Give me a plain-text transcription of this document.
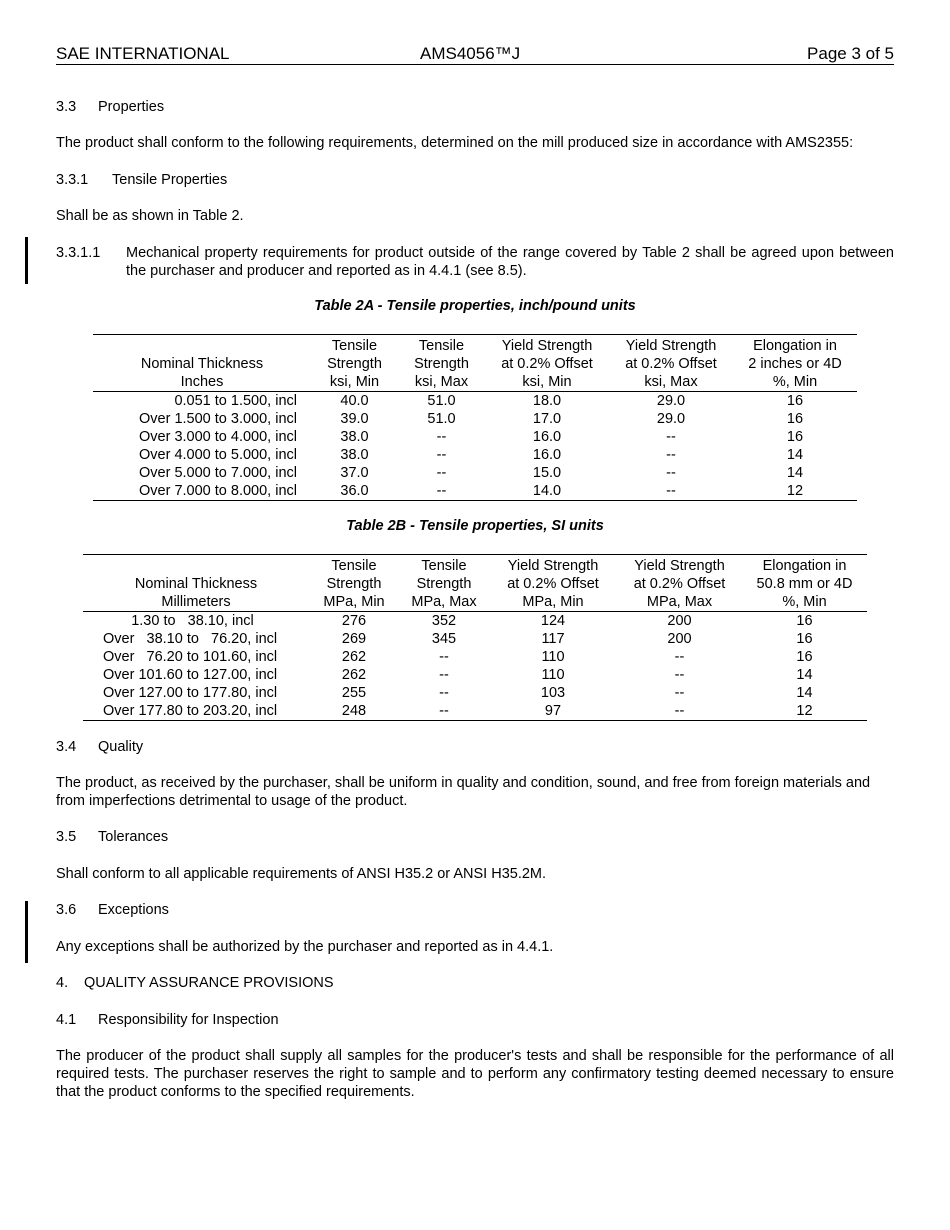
SAE INTERNATIONAL	AMS4056™J	Page 3 of 5
3.3 Properties
The product shall conform to the following requirements, determined on the mill produced size in accordance with AMS2355:
3.3.1 Tensile Properties
Shall be as shown in Table 2.
3.3.1.1 Mechanical property requirements for product outside of the range covered by Table 2 shall be agreed upon between the purchaser and producer and reported as in 4.4.1 (see 8.5).
Table 2A - Tensile properties, inch/pound units
	Tensile	Tensile	Yield Strength	Yield Strength	Elongation in
Nominal Thickness	Strength	Strength	at 0.2% Offset	at 0.2% Offset	2 inches or 4D
Inches	ksi, Min	ksi, Max	ksi, Min	ksi, Max	%, Min
0.051 to 1.500, incl	40.0	51.0	18.0	29.0	16
Over 1.500 to 3.000, incl	39.0	51.0	17.0	29.0	16
Over 3.000 to 4.000, incl	38.0	--	16.0	--	16
Over 4.000 to 5.000, incl	38.0	--	16.0	--	14
Over 5.000 to 7.000, incl	37.0	--	15.0	--	14
Over 7.000 to 8.000, incl	36.0	--	14.0	--	12
Table 2B - Tensile properties, SI units
	Tensile	Tensile	Yield Strength	Yield Strength	Elongation in
Nominal Thickness	Strength	Strength	at 0.2% Offset	at 0.2% Offset	50.8 mm or 4D
Millimeters	MPa, Min	MPa, Max	MPa, Min	MPa, Max	%, Min
1.30 to   38.10, incl	276	352	124	200	16
Over   38.10 to   76.20, incl	269	345	117	200	16
Over   76.20 to 101.60, incl	262	--	110	--	16
Over 101.60 to 127.00, incl	262	--	110	--	14
Over 127.00 to 177.80, incl	255	--	103	--	14
Over 177.80 to 203.20, incl	248	--	97	--	12
3.4 Quality
The product, as received by the purchaser, shall be uniform in quality and condition, sound, and free from foreign materials and from imperfections detrimental to usage of the product.
3.5 Tolerances
Shall conform to all applicable requirements of ANSI H35.2 or ANSI H35.2M.
3.6 Exceptions
Any exceptions shall be authorized by the purchaser and reported as in 4.4.1.
4. QUALITY ASSURANCE PROVISIONS
4.1 Responsibility for Inspection
The producer of the product shall supply all samples for the producer's tests and shall be responsible for the performance of all required tests. The purchaser reserves the right to sample and to perform any confirmatory testing deemed necessary to ensure that the product conforms to the specified requirements.
